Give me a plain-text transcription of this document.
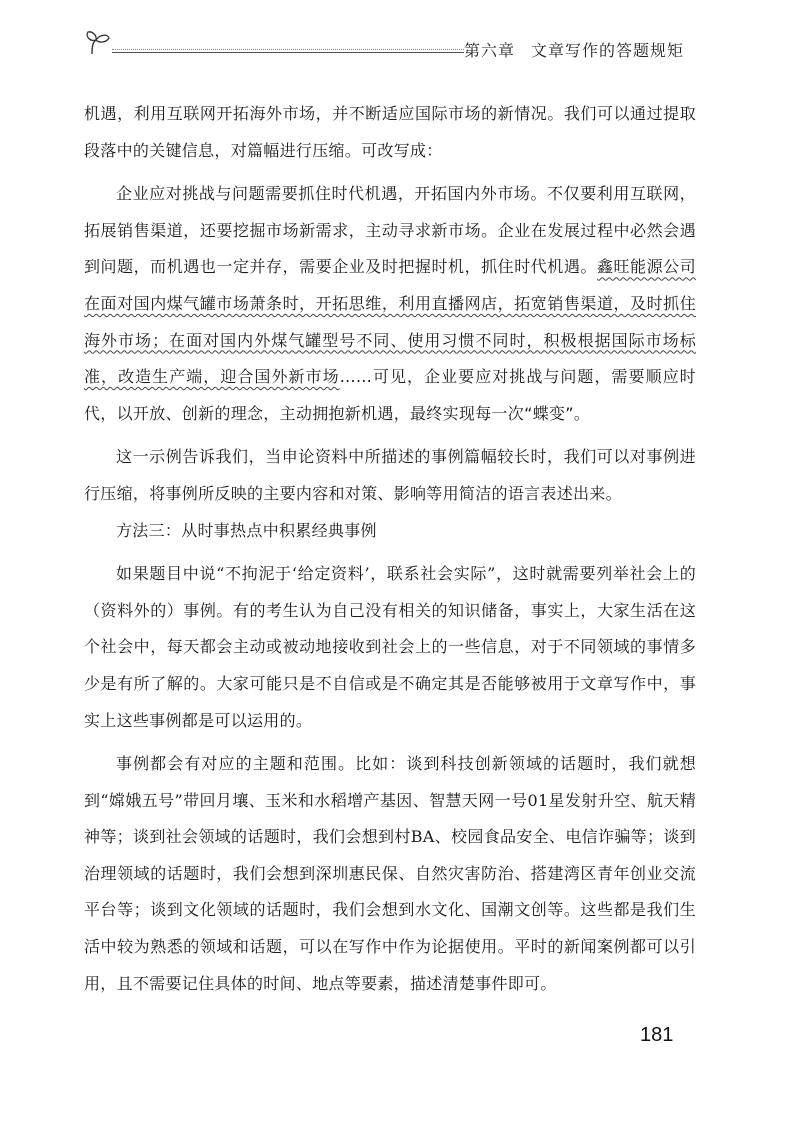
第六章 文章写作的答题规矩

机遇，利用互联网开拓海外市场，并不断适应国际市场的新情况。我们可以通过提取段落中的关键信息，对篇幅进行压缩。可改写成：

企业应对挑战与问题需要抓住时代机遇，开拓国内外市场。不仅要利用互联网，拓展销售渠道，还要挖掘市场新需求，主动寻求新市场。企业在发展过程中必然会遇到问题，而机遇也一定并存，需要企业及时把握时机，抓住时代机遇。鑫旺能源公司在面对国内煤气罐市场萧条时，开拓思维，利用直播网店，拓宽销售渠道，及时抓住海外市场；在面对国内外煤气罐型号不同、使用习惯不同时，积极根据国际市场标准，改造生产端，迎合国外新市场……可见，企业要应对挑战与问题，需要顺应时代，以开放、创新的理念，主动拥抱新机遇，最终实现每一次“蝶变”。

这一示例告诉我们，当申论资料中所描述的事例篇幅较长时，我们可以对事例进行压缩，将事例所反映的主要内容和对策、影响等用简洁的语言表述出来。

方法三：从时事热点中积累经典事例

如果题目中说“不拘泥于‘给定资料’，联系社会实际”，这时就需要列举社会上的（资料外的）事例。有的考生认为自己没有相关的知识储备，事实上，大家生活在这个社会中，每天都会主动或被动地接收到社会上的一些信息，对于不同领域的事情多少是有所了解的。大家可能只是不自信或是不确定其是否能够被用于文章写作中，事实上这些事例都是可以运用的。

事例都会有对应的主题和范围。比如：谈到科技创新领域的话题时，我们就想到“嫦娥五号”带回月壤、玉米和水稻增产基因、智慧天网一号01星发射升空、航天精神等；谈到社会领域的话题时，我们会想到村BA、校园食品安全、电信诈骗等；谈到治理领域的话题时，我们会想到深圳惠民保、自然灾害防治、搭建湾区青年创业交流平台等；谈到文化领域的话题时，我们会想到水文化、国潮文创等。这些都是我们生活中较为熟悉的领域和话题，可以在写作中作为论据使用。平时的新闻案例都可以引用，且不需要记住具体的时间、地点等要素，描述清楚事件即可。

181
